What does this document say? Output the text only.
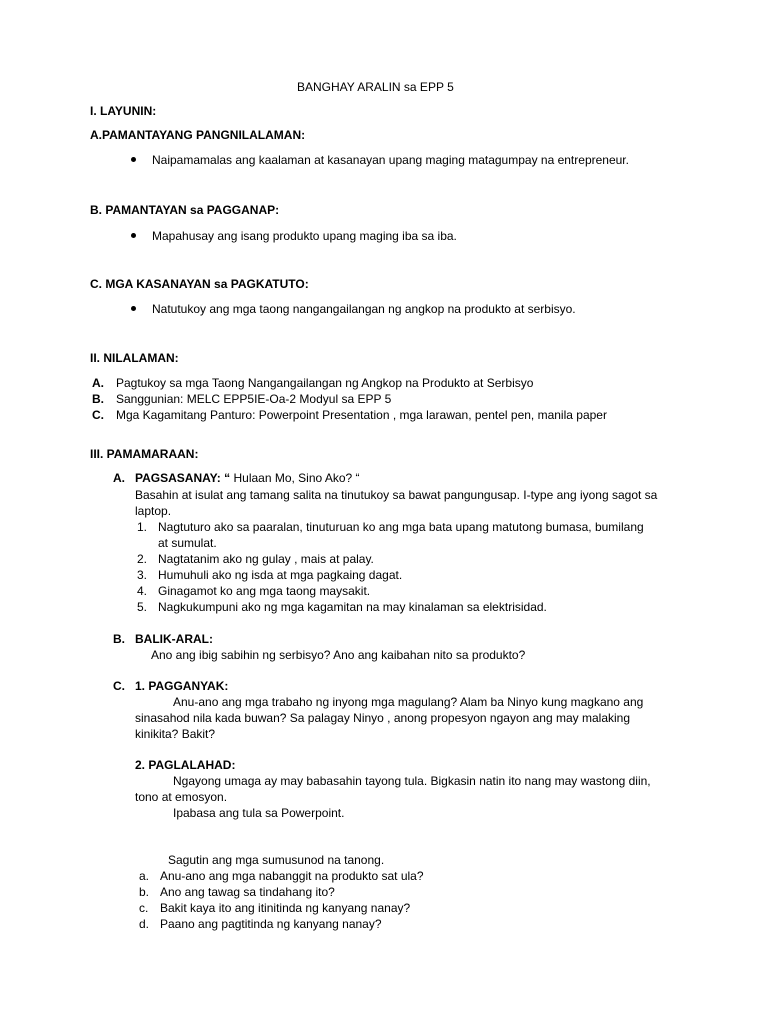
BANGHAY ARALIN sa EPP 5
I. LAYUNIN:
A.PAMANTAYANG PANGNILALAMAN:
Naipamamalas ang kaalaman at kasanayan upang maging matagumpay na entrepreneur.
B. PAMANTAYAN sa PAGGANAP:
Mapahusay ang isang produkto upang maging iba sa iba.
C. MGA KASANAYAN sa PAGKATUTO:
Natutukoy ang mga taong nangangailangan ng angkop na produkto at serbisyo.
II. NILALAMAN:
A. Pagtukoy sa mga Taong Nangangailangan ng Angkop na Produkto at Serbisyo
B. Sanggunian: MELC EPP5IE-Oa-2 Modyul sa EPP 5
C. Mga Kagamitang Panturo: Powerpoint Presentation , mga larawan, pentel pen, manila paper
III. PAMAMARAAN:
A. PAGSASANAY: “ Hulaan Mo, Sino Ako? “
Basahin at isulat ang tamang salita na tinutukoy sa bawat pangungusap. I-type ang iyong sagot sa
laptop.
1. Nagtuturo ako sa paaralan, tinuturuan ko ang mga bata upang matutong bumasa, bumilang
at sumulat.
2. Nagtatanim ako ng gulay , mais at palay.
3. Humuhuli ako ng isda at mga pagkaing dagat.
4. Ginagamot ko ang mga taong maysakit.
5. Nagkukumpuni ako ng mga kagamitan na may kinalaman sa elektrisidad.
B. BALIK-ARAL:
Ano ang ibig sabihin ng serbisyo? Ano ang kaibahan nito sa produkto?
C. 1. PAGGANYAK:
Anu-ano ang mga trabaho ng inyong mga magulang? Alam ba Ninyo kung magkano ang
sinasahod nila kada buwan? Sa palagay Ninyo , anong propesyon ngayon ang may malaking
kinikita? Bakit?
2. PAGLALAHAD:
Ngayong umaga ay may babasahin tayong tula. Bigkasin natin ito nang may wastong diin,
tono at emosyon.
Ipabasa ang tula sa Powerpoint.
Sagutin ang mga sumusunod na tanong.
a. Anu-ano ang mga nabanggit na produkto sat ula?
b. Ano ang tawag sa tindahang ito?
c. Bakit kaya ito ang itinitinda ng kanyang nanay?
d. Paano ang pagtitinda ng kanyang nanay?
